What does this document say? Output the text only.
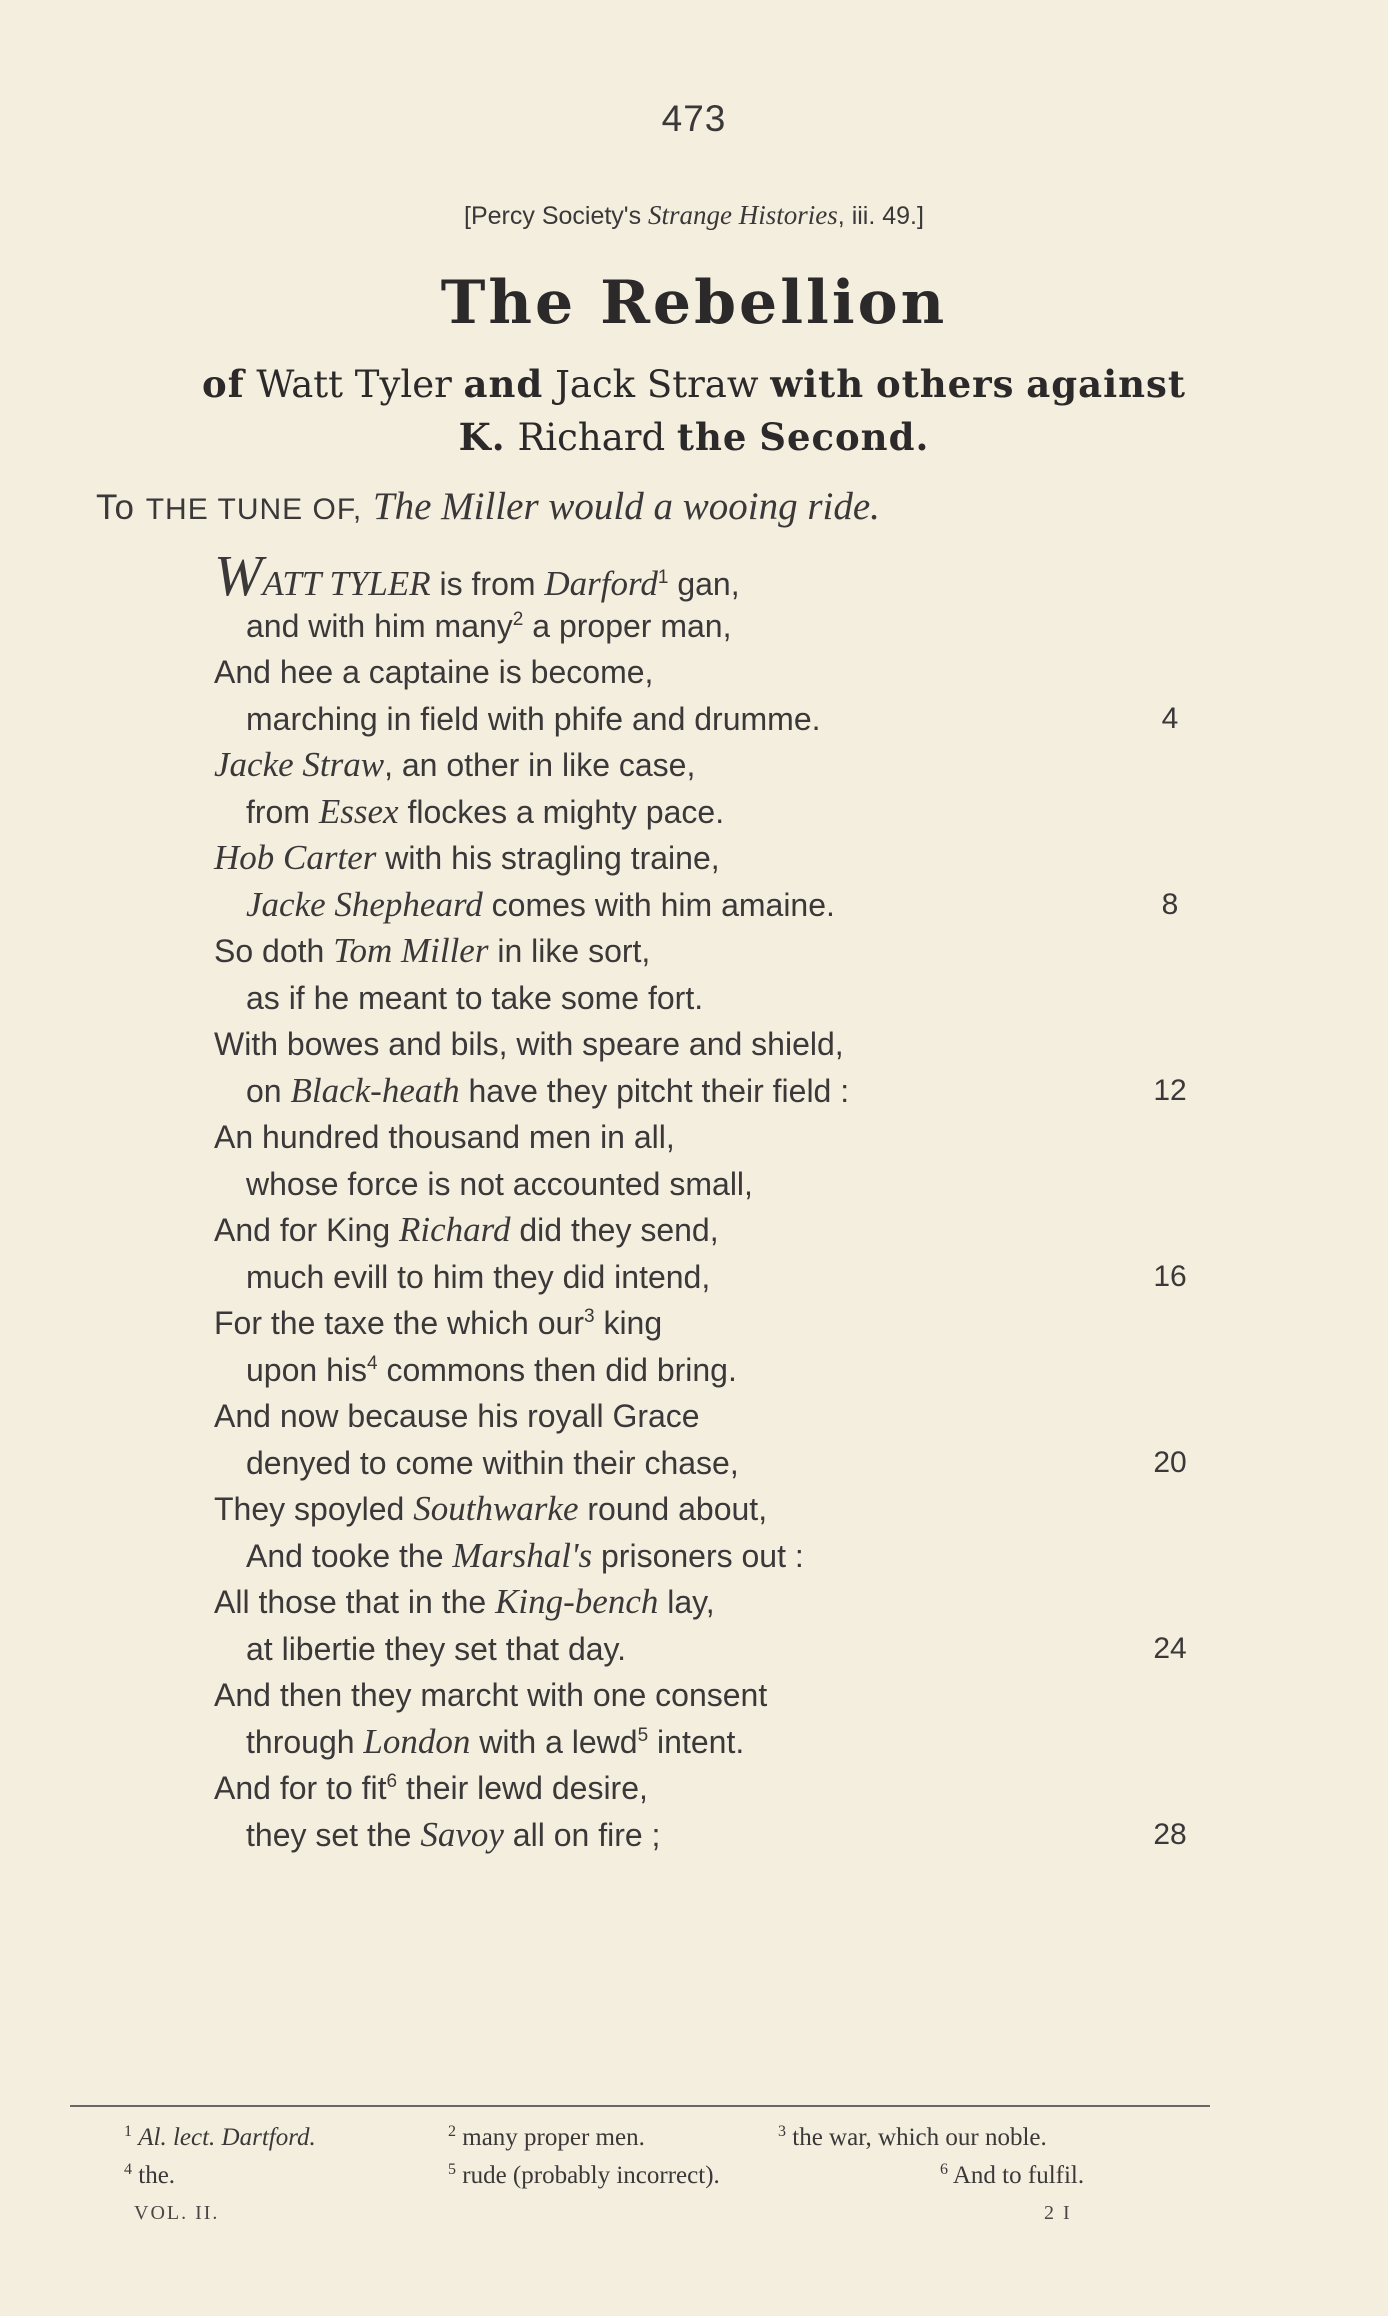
473
[Percy Society's Strange Histories, iii. 49.]
The Rebellion
of Watt Tyler and Jack Straw with others against
K. Richard the Second.
To THE TUNE OF, The Miller would a wooing ride.
WATT TYLER is from Darford$^1$ gan,
and with him many$^2$ a proper man,
And hee a captaine is become,
marching in field with phife and drumme.	4
Jacke Straw, an other in like case,
from Essex flockes a mighty pace.
Hob Carter with his stragling traine,
Jacke Shepheard comes with him amaine.	8
So doth Tom Miller in like sort,
as if he meant to take some fort.
With bowes and bils, with speare and shield,
on Black-heath have they pitcht their field :	12
An hundred thousand men in all,
whose force is not accounted small,
And for King Richard did they send,
much evill to him they did intend,	16
For the taxe the which our$^3$ king
upon his$^4$ commons then did bring.
And now because his royall Grace
denyed to come within their chase,	20
They spoyled Southwarke round about,
And tooke the Marshal's prisoners out :
All those that in the King-bench lay,
at libertie they set that day.	24
And then they marcht with one consent
through London with a lewd$^5$ intent.
And for to fit$^6$ their lewd desire,
they set the Savoy all on fire ;	28
$^1$ Al. lect. Dartford.	$^2$ many proper men.	$^3$ the war, which our noble.
$^4$ the.	$^5$ rude (probably incorrect).	$^6$ And to fulfil.
VOL. II.	2 I
